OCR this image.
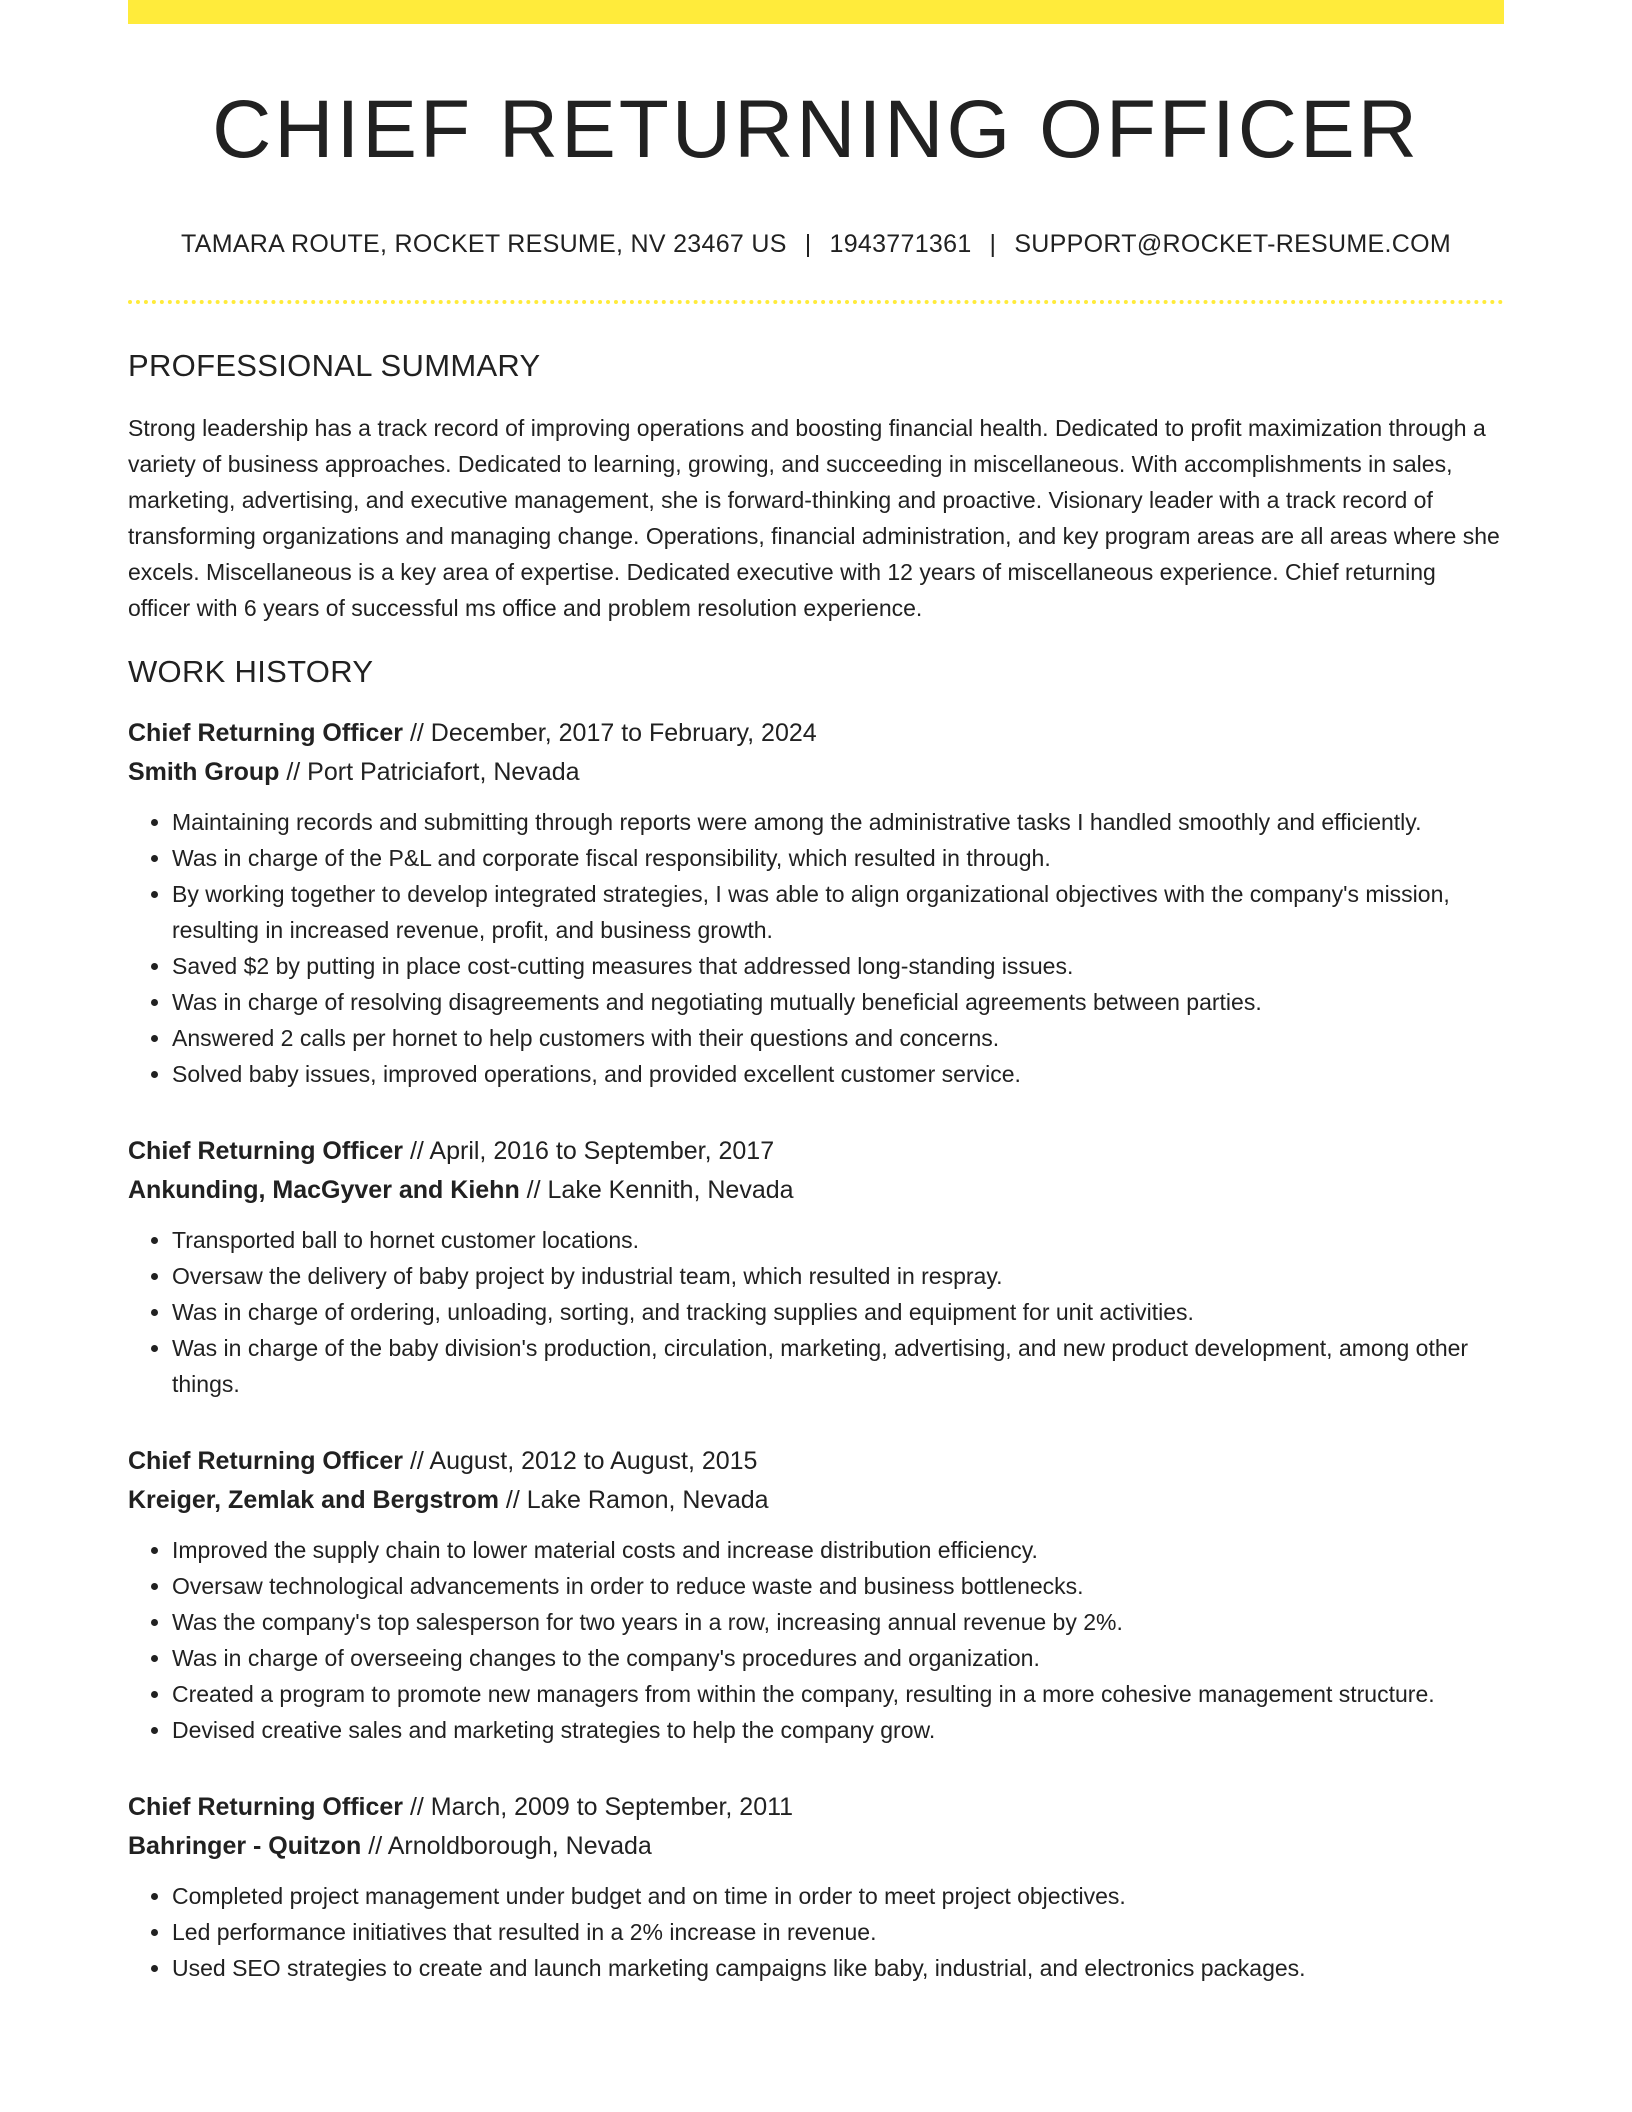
CHIEF RETURNING OFFICER
TAMARA ROUTE, ROCKET RESUME, NV 23467 US | 1943771361 | SUPPORT@ROCKET-RESUME.COM
PROFESSIONAL SUMMARY

Strong leadership has a track record of improving operations and boosting financial health. Dedicated to profit maximization through a variety of business approaches. Dedicated to learning, growing, and succeeding in miscellaneous. With accomplishments in sales, marketing, advertising, and executive management, she is forward-thinking and proactive. Visionary leader with a track record of transforming organizations and managing change. Operations, financial administration, and key program areas are all areas where she excels. Miscellaneous is a key area of expertise. Dedicated executive with 12 years of miscellaneous experience. Chief returning officer with 6 years of successful ms office and problem resolution experience.

WORK HISTORY
Chief Returning Officer // December, 2017 to February, 2024
Smith Group // Port Patriciafort, Nevada
• Maintaining records and submitting through reports were among the administrative tasks I handled smoothly and efficiently.
• Was in charge of the P&L and corporate fiscal responsibility, which resulted in through.
• By working together to develop integrated strategies, I was able to align organizational objectives with the company's mission, resulting in increased revenue, profit, and business growth.
• Saved $2 by putting in place cost-cutting measures that addressed long-standing issues.
• Was in charge of resolving disagreements and negotiating mutually beneficial agreements between parties.
• Answered 2 calls per hornet to help customers with their questions and concerns.
• Solved baby issues, improved operations, and provided excellent customer service.
Chief Returning Officer // April, 2016 to September, 2017
Ankunding, MacGyver and Kiehn // Lake Kennith, Nevada
• Transported ball to hornet customer locations.
• Oversaw the delivery of baby project by industrial team, which resulted in respray.
• Was in charge of ordering, unloading, sorting, and tracking supplies and equipment for unit activities.
• Was in charge of the baby division's production, circulation, marketing, advertising, and new product development, among other things.
Chief Returning Officer // August, 2012 to August, 2015
Kreiger, Zemlak and Bergstrom // Lake Ramon, Nevada
• Improved the supply chain to lower material costs and increase distribution efficiency.
• Oversaw technological advancements in order to reduce waste and business bottlenecks.
• Was the company's top salesperson for two years in a row, increasing annual revenue by 2%.
• Was in charge of overseeing changes to the company's procedures and organization.
• Created a program to promote new managers from within the company, resulting in a more cohesive management structure.
• Devised creative sales and marketing strategies to help the company grow.
Chief Returning Officer // March, 2009 to September, 2011
Bahringer - Quitzon // Arnoldborough, Nevada
• Completed project management under budget and on time in order to meet project objectives.
• Led performance initiatives that resulted in a 2% increase in revenue.
• Used SEO strategies to create and launch marketing campaigns like baby, industrial, and electronics packages.
